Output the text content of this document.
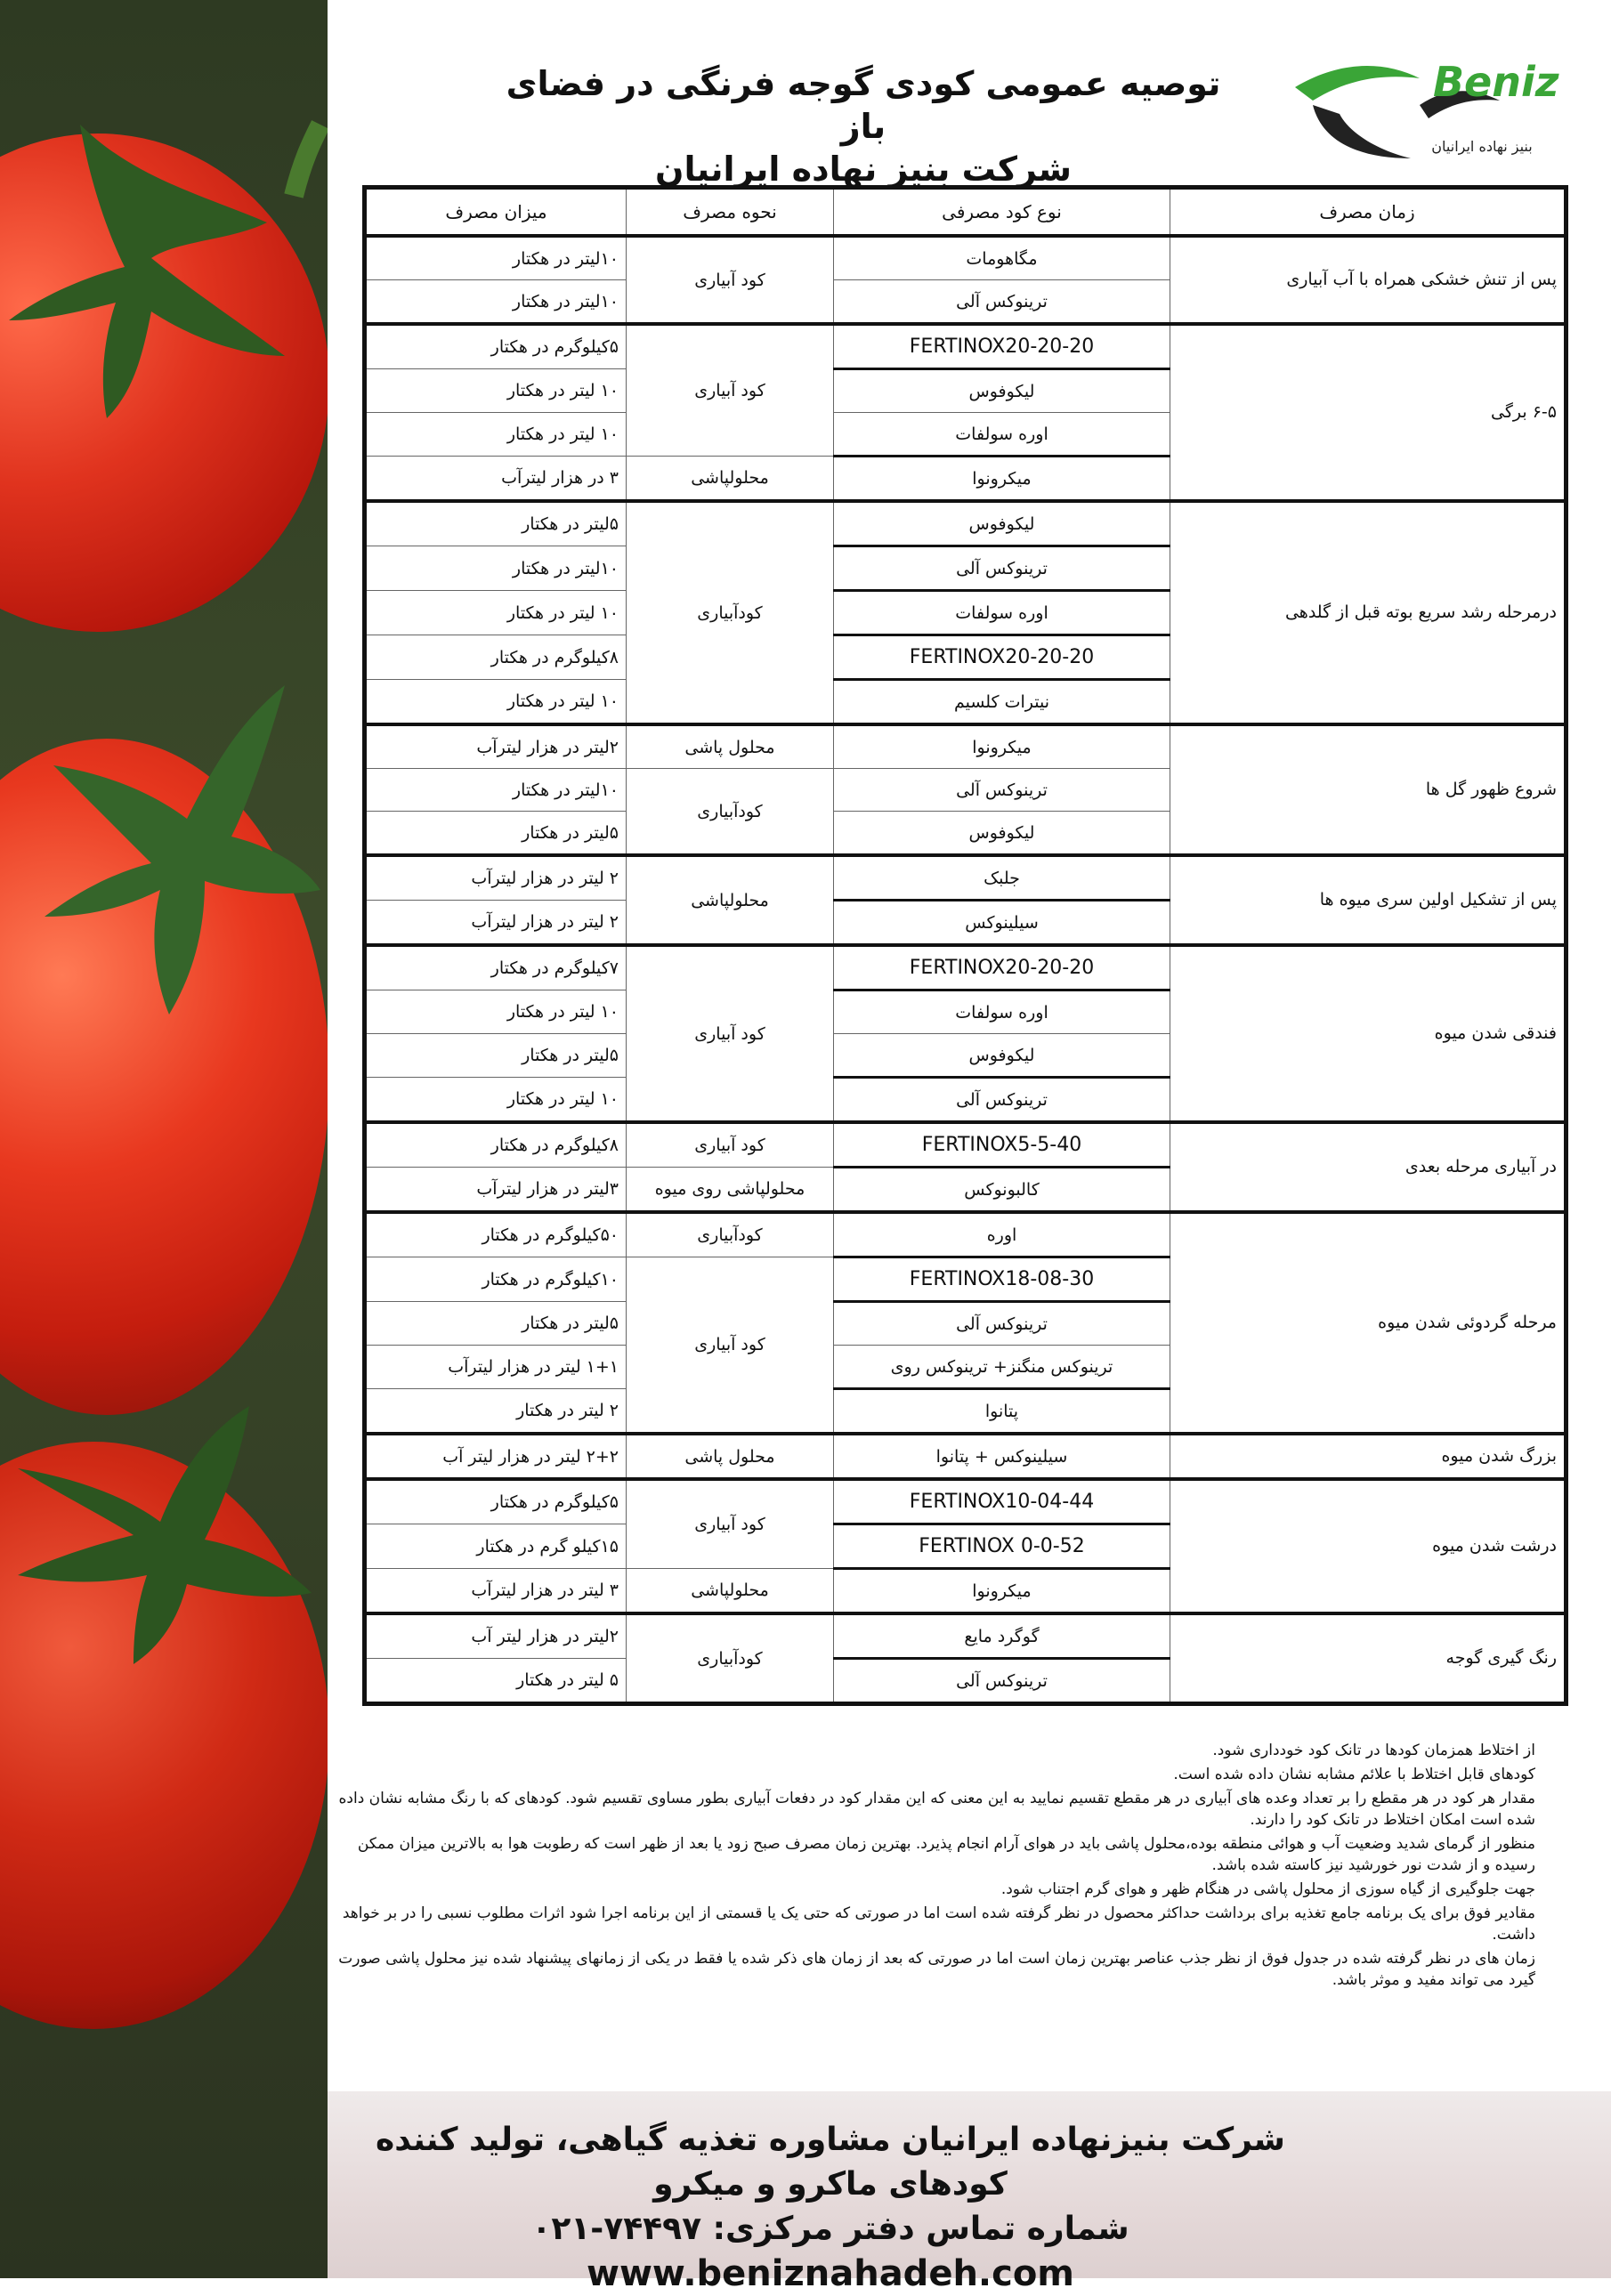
Beniz
بنیز نهاده ایرانیان
توصیه عمومی کودی گوجه فرنگی در فضای باز
شرکت بنیز نهاده ایرانیان
زمان مصرف	نوع کود مصرفی	نحوه مصرف	میزان مصرف
پس از تنش خشکی همراه با آب آبیاری	مگاهومات	کود آبیاری	۱۰لیتر در هکتار
	ترینوکس آلی		۱۰لیتر در هکتار
۶-۵ برگی	FERTINOX20-20-20	کود آبیاری	۵کیلوگرم در هکتار
	لیکوفوس		۱۰ لیتر در هکتار
	اوره سولفات		۱۰ لیتر در هکتار
	میکرونوا	محلولپاشی	۳ در هزار لیترآب
درمرحله رشد سریع بوته قبل از گلدهی	لیکوفوس	کودآبیاری	۵لیتر در هکتار
	ترینوکس آلی		۱۰لیتر در هکتار
	اوره سولفات		۱۰ لیتر در هکتار
	FERTINOX20-20-20		۸کیلوگرم در هکتار
	نیترات کلسیم		۱۰ لیتر در هکتار
شروع ظهور گل ها	میکرونوا	محلول پاشی	۲لیتر در هزار لیترآب
	ترینوکس آلی	کودآبیاری	۱۰لیتر در هکتار
	لیکوفوس		۵لیتر در هکتار
پس از تشکیل اولین سری میوه ها	جلبک	محلولپاشی	۲ لیتر در هزار لیترآب
	سیلینوکس		۲ لیتر در هزار لیترآب
فندقی شدن میوه	FERTINOX20-20-20	کود آبیاری	۷کیلوگرم در هکتار
	اوره سولفات		۱۰ لیتر در هکتار
	لیکوفوس		۵لیتر در هکتار
	ترینوکس آلی		۱۰ لیتر در هکتار
در آبیاری مرحله بعدی	FERTINOX5-5-40	کود آبیاری	۸کیلوگرم در هکتار
	کالبونوکس	محلولپاشی روی میوه	۳لیتر در هزار لیترآب
مرحله گردوئی شدن میوه	اوره	کودآبیاری	۵۰کیلوگرم در هکتار
	FERTINOX18-08-30	کود آبیاری	۱۰کیلوگرم در هکتار
	ترینوکس آلی		۵لیتر در هکتار
	ترینوکس منگنز+ ترینوکس روی		۱+۱ لیتر در هزار لیترآب
	پتانوا		۲ لیتر در هکتار
بزرگ شدن میوه	سیلینوکس + پتانوا	محلول پاشی	۲+۲ لیتر در هزار لیتر آب
درشت شدن میوه	FERTINOX10-04-44	کود آبیاری	۵کیلوگرم در هکتار
	FERTINOX 0-0-52		۱۵کیلو گرم در هکتار
	میکرونوا	محلولپاشی	۳ لیتر در هزار لیترآب
رنگ گیری گوجه	گوگرد مایع	کودآبیاری	۲لیتر در هزار لیتر آب
	ترینوکس آلی		۵ لیتر در هکتار

از اختلاط همزمان کودها در تانک کود خودداری شود.

کودهای قابل اختلاط با علائم مشابه نشان داده شده است.

مقدار هر کود در هر مقطع را بر تعداد وعده های آبیاری در هر مقطع تقسیم نمایید به این معنی که این مقدار کود در دفعات آبیاری بطور مساوی تقسیم شود. کودهای که با رنگ مشابه نشان داده شده است امکان اختلاط در تانک کود را دارند.

منظور از گرمای شدید وضعیت آب و هوائی منطقه بوده،محلول پاشی باید در هوای آرام انجام پذیرد. بهترین زمان مصرف صبح زود یا بعد از ظهر است که رطوبت هوا به بالاترین میزان ممکن رسیده و از شدت نور خورشید نیز کاسته شده باشد.

جهت جلوگیری از گیاه سوزی از محلول پاشی در هنگام ظهر و هوای گرم اجتناب شود.

مقادیر فوق برای یک برنامه جامع تغذیه برای برداشت حداکثر محصول در نظر گرفته شده است اما در صورتی که حتی یک یا قسمتی از این برنامه اجرا شود اثرات مطلوب نسبی را در بر خواهد داشت.

زمان های در نظر گرفته شده در جدول فوق از نظر جذب عناصر بهترین زمان است اما در صورتی که بعد از زمان های ذکر شده یا فقط در یکی از زمانهای پیشنهاد شده نیز محلول پاشی صورت گیرد می تواند مفید و موثر باشد.

شرکت بنیزنهاده ایرانیان مشاوره تغذیه گیاهی، تولید کننده کودهای ماکرو و میکرو
شماره تماس دفتر مرکزی: ۷۴۴۹۷-۰۲۱
www.beniznahadeh.com
